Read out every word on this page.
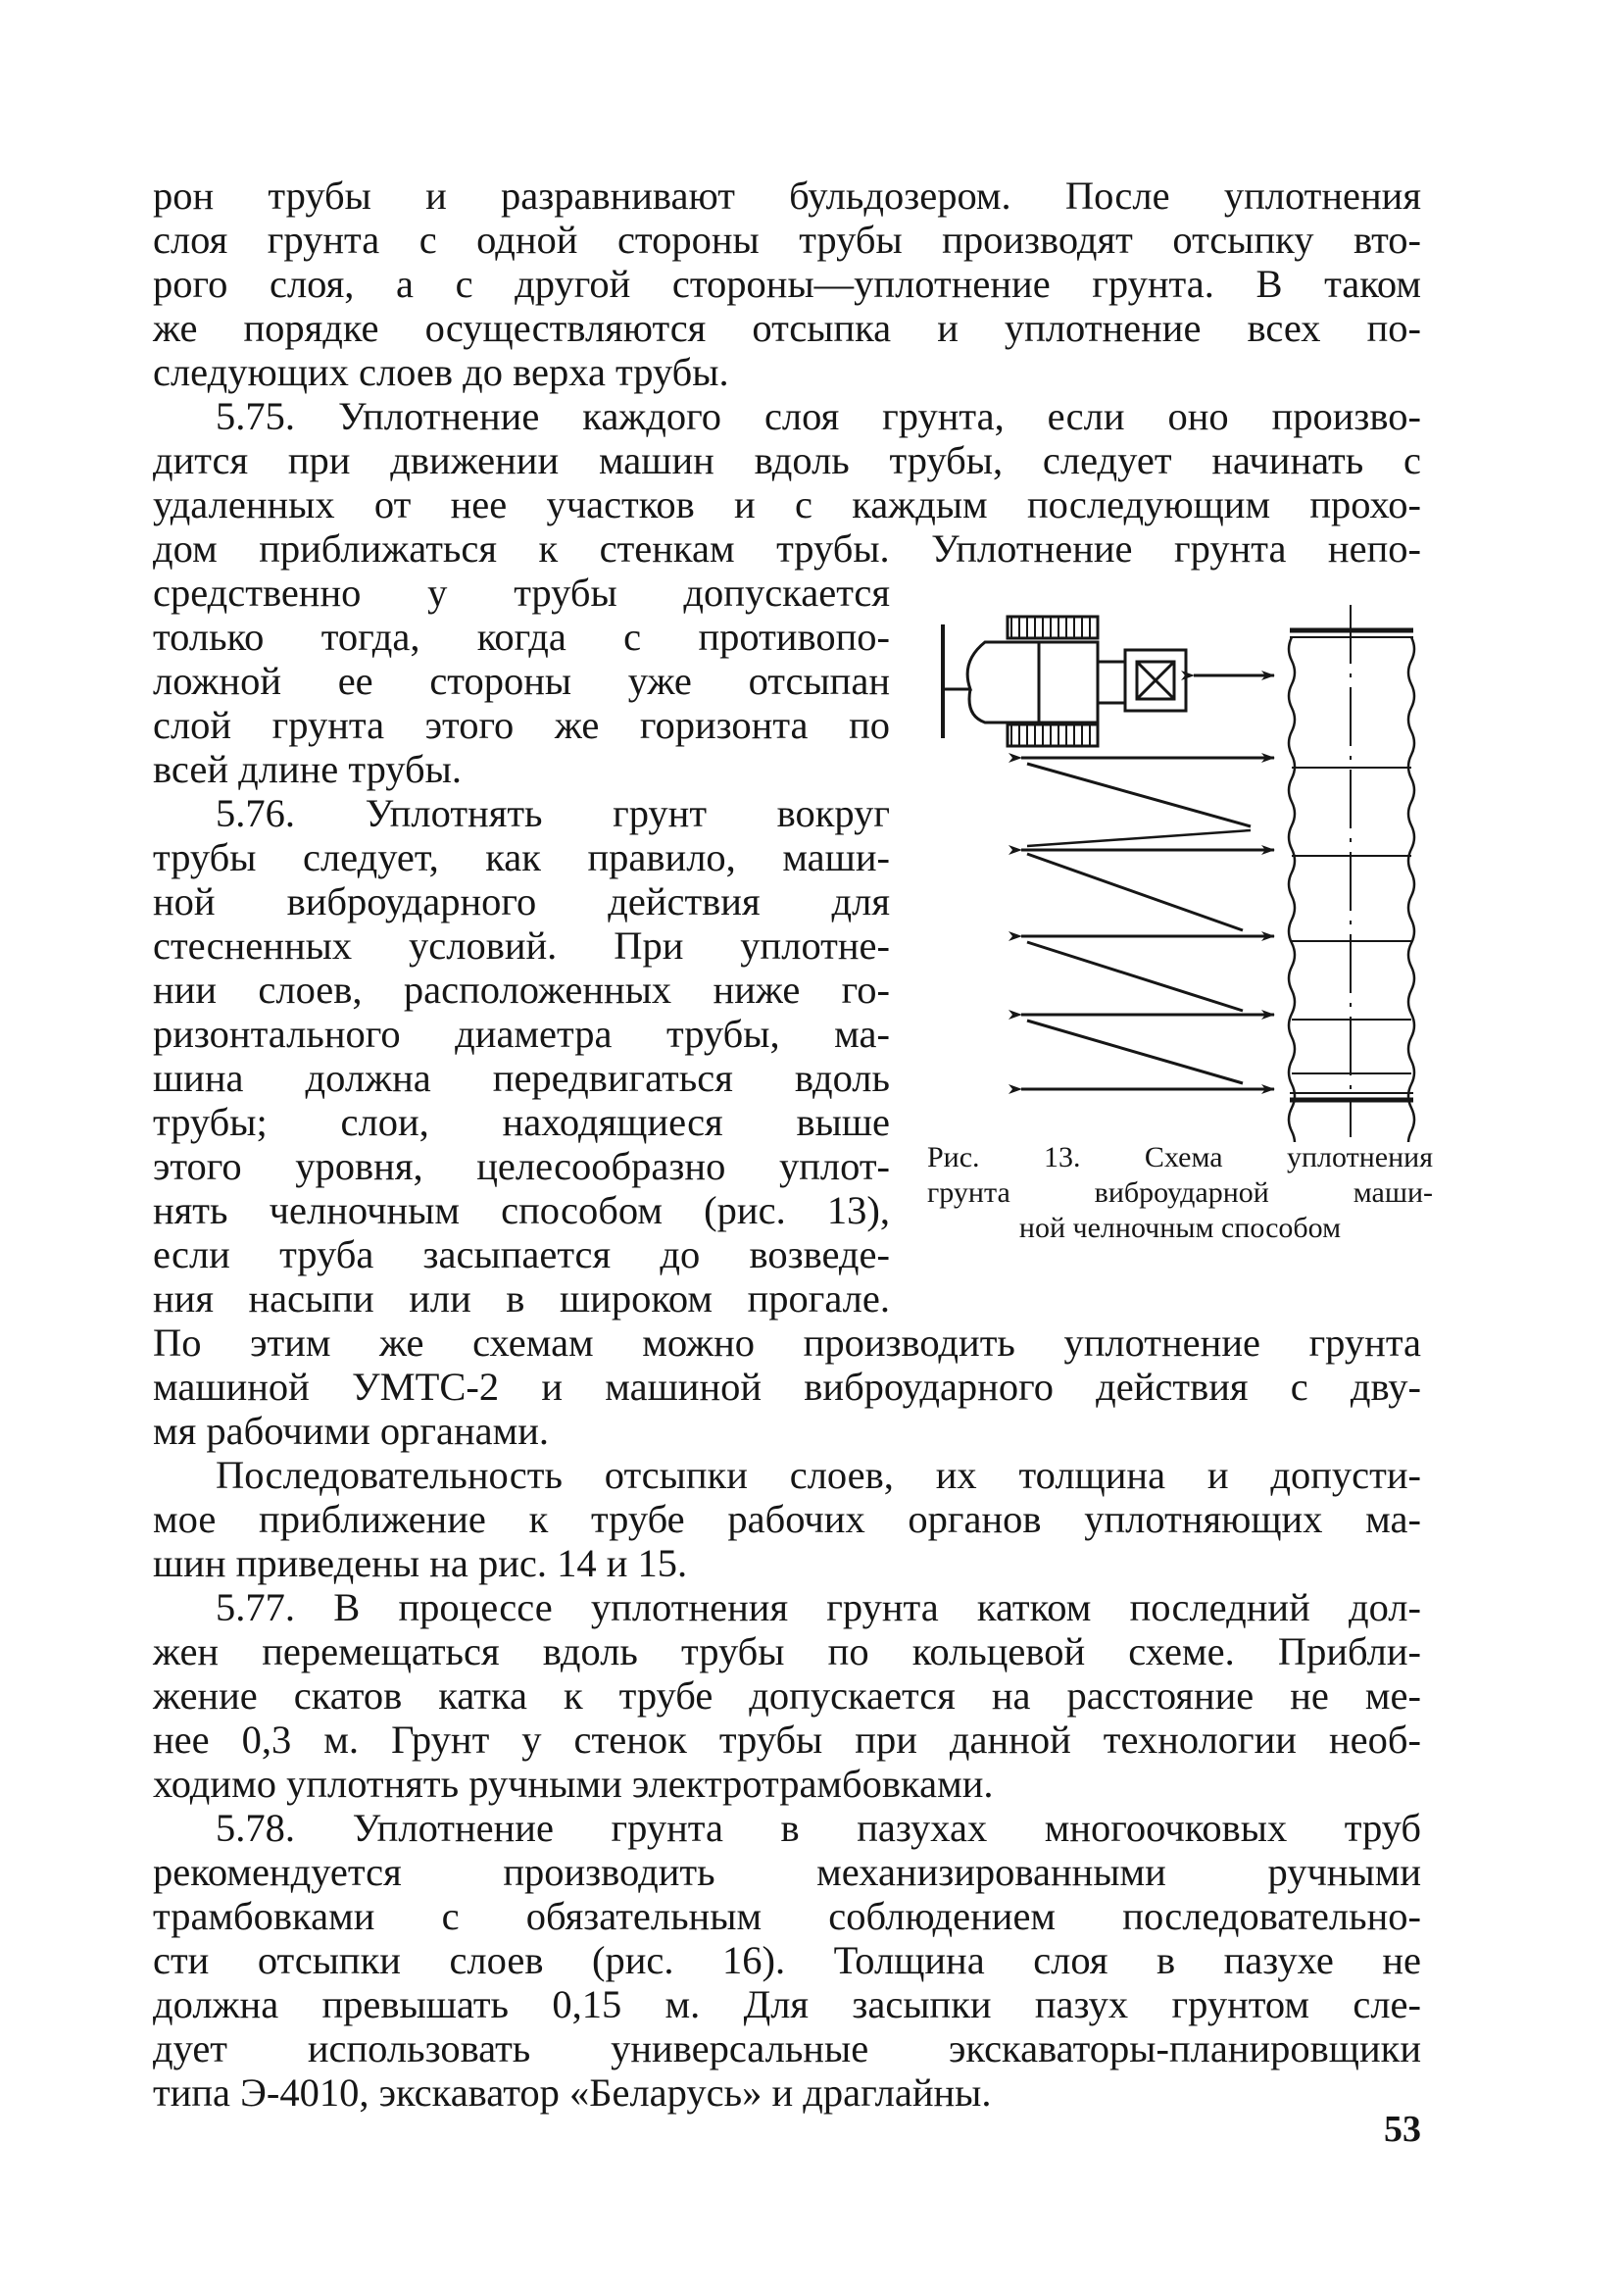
рон трубы и разравнивают бульдозером. После уплотнения
слоя грунта с одной стороны трубы производят отсыпку вто-
рого слоя, а с другой стороны—уплотнение грунта. В таком
же порядке осуществляются отсыпка и уплотнение всех по-
следующих слоев до верха трубы.
5.75. Уплотнение каждого слоя грунта, если оно произво-
дится при движении машин вдоль трубы, следует начинать с
удаленных от нее участков и с каждым последующим прохо-
дом приближаться к стенкам трубы. Уплотнение грунта непо-
средственно у трубы допускается
только тогда, когда с противопо-
ложной ее стороны уже отсыпан
слой грунта этого же горизонта по
всей длине трубы.
5.76. Уплотнять грунт вокруг
трубы следует, как правило, маши-
ной виброударного действия для
стесненных условий. При уплотне-
нии слоев, расположенных ниже го-
ризонтального диаметра трубы, ма-
шина должна передвигаться вдоль
трубы; слои, находящиеся выше
этого уровня, целесообразно уплот-
нять челночным способом (рис. 13),
если труба засыпается до возведе-
ния насыпи или в широком прогале.
По этим же схемам можно производить уплотнение грунта
машиной УМТС-2 и машиной виброударного действия с дву-
мя рабочими органами.
Последовательность отсыпки слоев, их толщина и допусти-
мое приближение к трубе рабочих органов уплотняющих ма-
шин приведены на рис. 14 и 15.
5.77. В процессе уплотнения грунта катком последний дол-
жен перемещаться вдоль трубы по кольцевой схеме. Прибли-
жение скатов катка к трубе допускается на расстояние не ме-
нее 0,3 м. Грунт у стенок трубы при данной технологии необ-
ходимо уплотнять ручными электротрамбовками.
5.78. Уплотнение грунта в пазухах многоочковых труб
рекомендуется производить механизированными ручными
трамбовками с обязательным соблюдением последовательно-
сти отсыпки слоев (рис. 16). Толщина слоя в пазухе не
должна превышать 0,15 м. Для засыпки пазух грунтом сле-
дует использовать универсальные экскаваторы-планировщики
типа Э-4010, экскаватор «Беларусь» и драглайны.
Рис. 13. Схема уплотнения
грунта виброударной маши-
ной челночным способом
53
